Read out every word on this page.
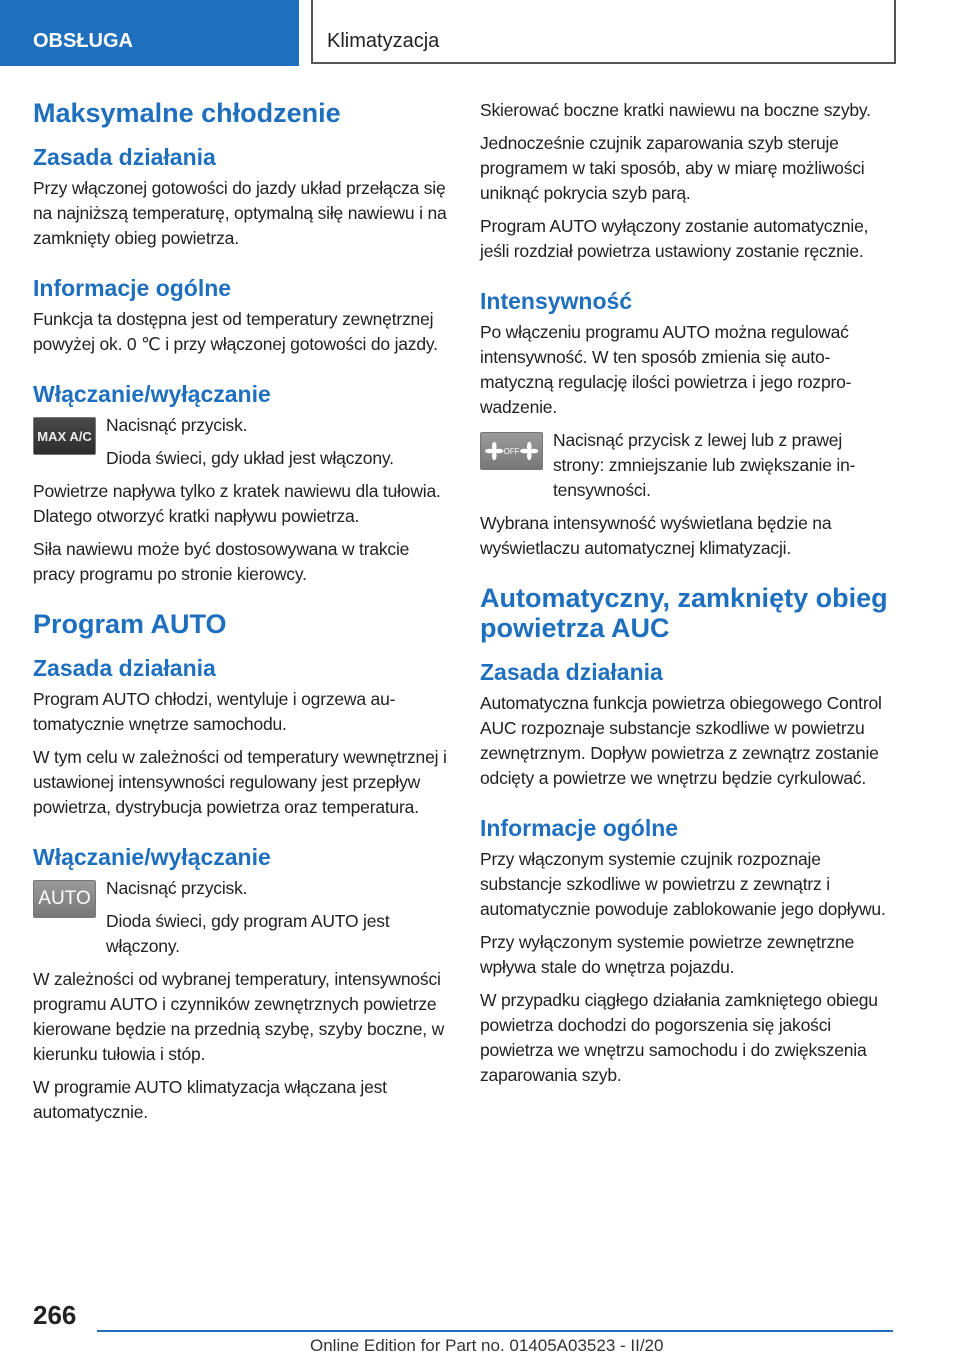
OBSŁUGA	Klimatyzacja
Maksymalne chłodzenie
Zasada działania

Przy włączonej gotowości do jazdy układ przełącza się na najniższą temperaturę, optymalną siłę nawiewu i na zamknięty obieg powietrza.

Informacje ogólne

Funkcja ta dostępna jest od temperatury zewnętrznej powyżej ok. 0 ℃ i przy włączonej gotowości do jazdy.

Włączanie/wyłączanie
MAX A/C

Nacisnąć przycisk.

Dioda świeci, gdy układ jest włączony.

Powietrze napływa tylko z kratek nawiewu dla tułowia. Dlatego otworzyć kratki napływu powietrza.

Siła nawiewu może być dostosowywana w trakcie pracy programu po stronie kierowcy.

Program AUTO
Zasada działania

Program AUTO chłodzi, wentyluje i ogrzewa automatycznie wnętrze samochodu.

W tym celu w zależności od temperatury wewnętrznej i ustawionej intensywności regulowany jest przepływ powietrza, dystrybucja powietrza oraz temperatura.

Włączanie/wyłączanie
AUTO Nacisnąć przycisk.

Dioda świeci, gdy program AUTO jest włączony.

W zależności od wybranej temperatury, intensywności programu AUTO i czynników zewnętrznych powietrze kierowane będzie na przednią szybę, szyby boczne, w kierunku tułowia i stóp.

W programie AUTO klimatyzacja włączana jest automatycznie.

Skierować boczne kratki nawiewu na boczne szyby.

Jednocześnie czujnik zaparowania szyb steruje programem w taki sposób, aby w miarę możliwości uniknąć pokrycia szyb parą.

Program AUTO wyłączony zostanie automatycznie, jeśli rozdział powietrza ustawiony zostanie ręcznie.

Intensywność

Po włączeniu programu AUTO można regulować intensywność. W ten sposób zmienia się automatyczną regulację ilości powietrza i jego rozprowadzenie.

OFF

Nacisnąć przycisk z lewej lub z prawej strony: zmniejszanie lub zwiększanie intensywności.

Wybrana intensywność wyświetlana będzie na wyświetlaczu automatycznej klimatyzacji.

Automatyczny, zamknięty obieg powietrza AUC
Zasada działania

Automatyczna funkcja powietrza obiegowego Control AUC rozpoznaje substancje szkodliwe w powietrzu zewnętrznym. Dopływ powietrza z zewnątrz zostanie odcięty a powietrze we wnętrzu będzie cyrkulować.

Informacje ogólne

Przy włączonym systemie czujnik rozpoznaje substancje szkodliwe w powietrzu z zewnątrz i automatycznie powoduje zablokowanie jego dopływu.

Przy wyłączonym systemie powietrze zewnętrzne wpływa stale do wnętrza pojazdu.

W przypadku ciągłego działania zamkniętego obiegu powietrza dochodzi do pogorszenia się jakości powietrza we wnętrzu samochodu i do zwiększenia zaparowania szyb.

266
Online Edition for Part no. 01405A03523 - II/20
